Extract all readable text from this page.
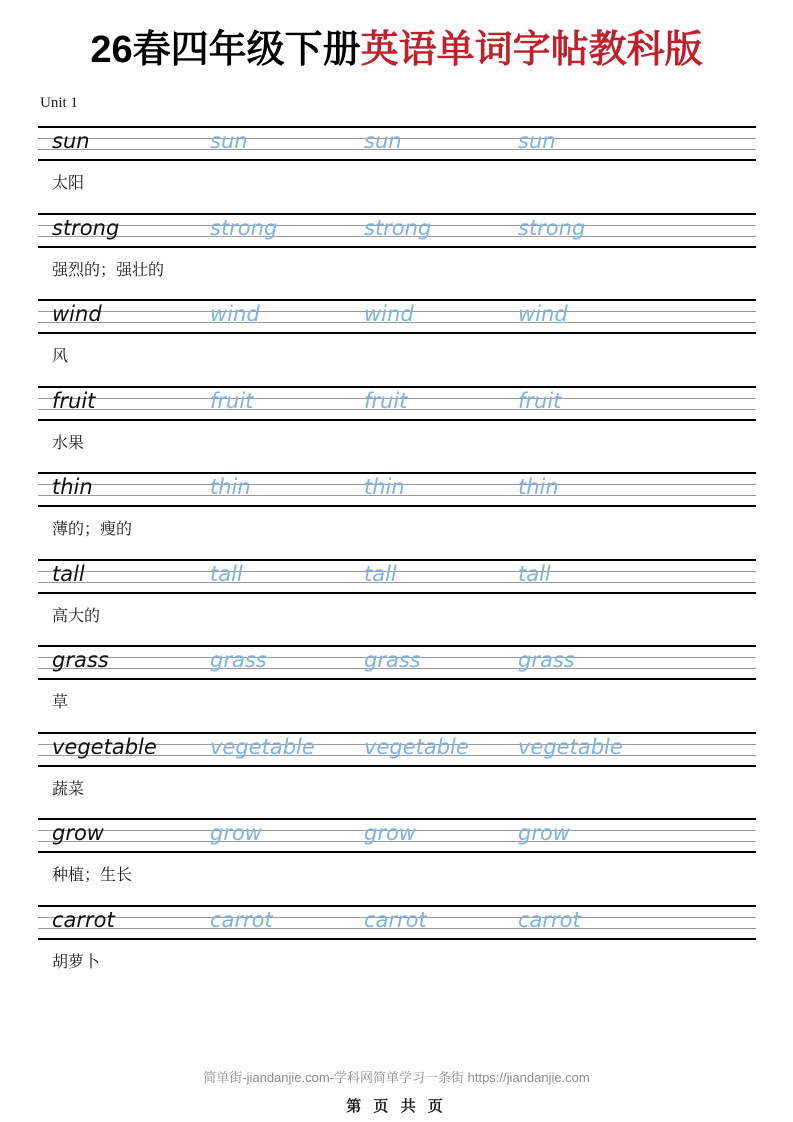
26春四年级下册英语单词字帖教科版
Unit 1
sun	sun	sun	sun
太阳
strong	strong	strong	strong
强烈的；强壮的
wind	wind	wind	wind
风
fruit	fruit	fruit	fruit
水果
thin	thin	thin	thin
薄的；瘦的
tall	tall	tall	tall
高大的
grass	grass	grass	grass
草
vegetable	vegetable vegetable vegetable
蔬菜
grow	grow	grow	grow
种植；生长
carrot	carrot	carrot	carrot
胡萝卜
简单街-jiandanjie.com-学科网简单学习一条街 https://jiandanjie.com
第 页 共 页
